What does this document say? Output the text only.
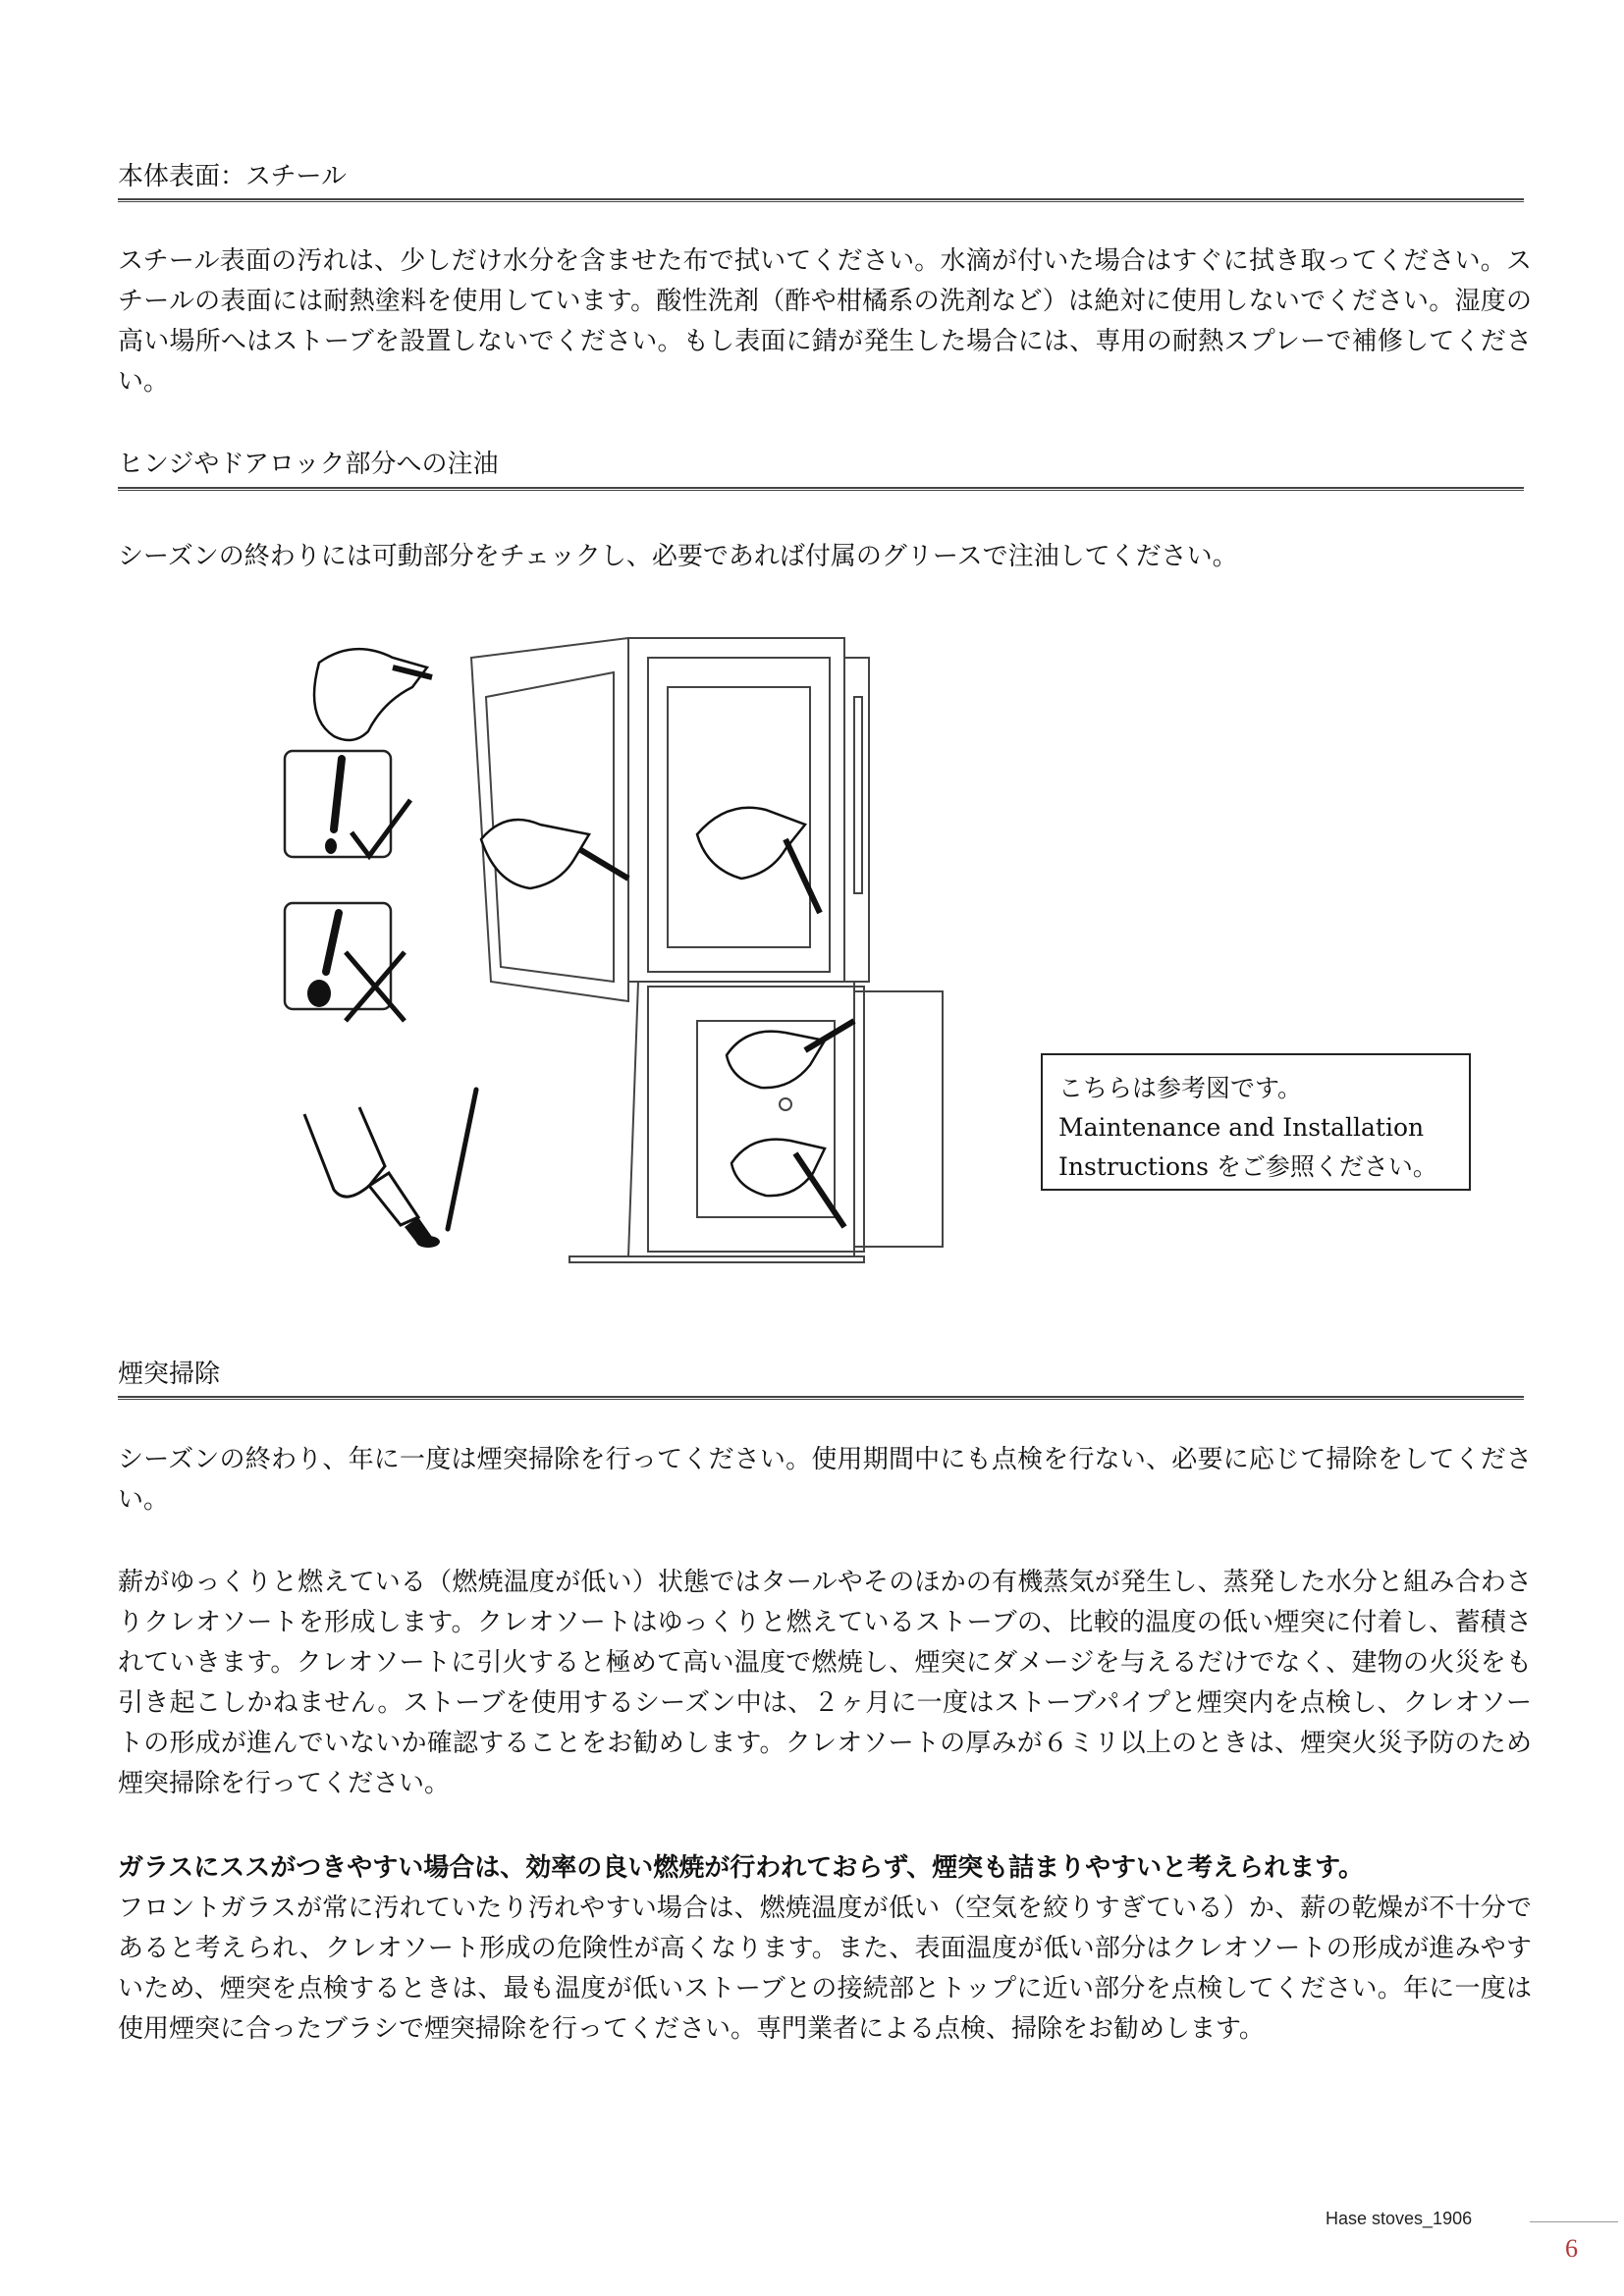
本体表面：スチール

スチール表面の汚れは、少しだけ水分を含ませた布で拭いてください。水滴が付いた場合はすぐに拭き取ってください。スチールの表面には耐熱塗料を使用しています。酸性洗剤（酢や柑橘系の洗剤など）は絶対に使用しないでください。湿度の高い場所へはストーブを設置しないでください。もし表面に錆が発生した場合には、専用の耐熱スプレーで補修してください。

ヒンジやドアロック部分への注油

シーズンの終わりには可動部分をチェックし、必要であれば付属のグリースで注油してください。

こちらは参考図です。
Maintenance and Installation
Instructions をご参照ください。
煙突掃除

シーズンの終わり、年に一度は煙突掃除を行ってください。使用期間中にも点検を行ない、必要に応じて掃除をしてください。

薪がゆっくりと燃えている（燃焼温度が低い）状態ではタールやそのほかの有機蒸気が発生し、蒸発した水分と組み合わさりクレオソートを形成します。クレオソートはゆっくりと燃えているストーブの、比較的温度の低い煙突に付着し、蓄積されていきます。クレオソートに引火すると極めて高い温度で燃焼し、煙突にダメージを与えるだけでなく、建物の火災をも引き起こしかねません。ストーブを使用するシーズン中は、２ヶ月に一度はストーブパイプと煙突内を点検し、クレオソートの形成が進んでいないか確認することをお勧めします。クレオソートの厚みが６ミリ以上のときは、煙突火災予防のため煙突掃除を行ってください。

ガラスにススがつきやすい場合は、効率の良い燃焼が行われておらず、煙突も詰まりやすいと考えられます。

フロントガラスが常に汚れていたり汚れやすい場合は、燃焼温度が低い（空気を絞りすぎている）か、薪の乾燥が不十分であると考えられ、クレオソート形成の危険性が高くなります。また、表面温度が低い部分はクレオソートの形成が進みやすいため、煙突を点検するときは、最も温度が低いストーブとの接続部とトップに近い部分を点検してください。年に一度は使用煙突に合ったブラシで煙突掃除を行ってください。専門業者による点検、掃除をお勧めします。

Hase stoves_1906
6
